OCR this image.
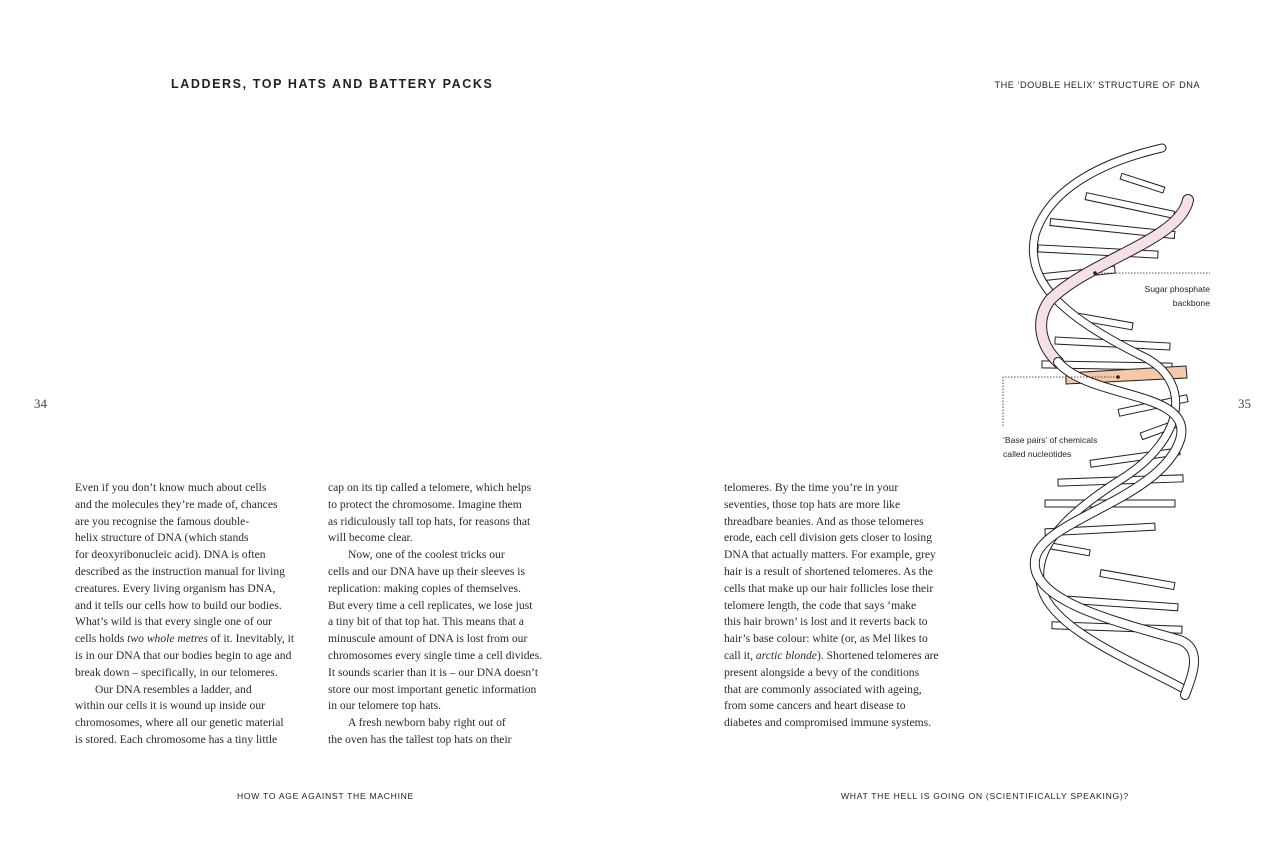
LADDERS, TOP HATS AND BATTERY PACKS	THE ‘DOUBLE HELIX’ STRUCTURE OF DNA
34	35
Even if you don’t know much about cells
and the molecules they’re made of, chances
are you recognise the famous double-
helix structure of DNA (which stands
for deoxyribonucleic acid). DNA is often
described as the instruction manual for living
creatures. Every living organism has DNA,
and it tells our cells how to build our bodies.
What’s wild is that every single one of our
cells holds two whole metres of it. Inevitably, it
is in our DNA that our bodies begin to age and
break down – specifically, in our telomeres.
Our DNA resembles a ladder, and
within our cells it is wound up inside our
chromosomes, where all our genetic material
is stored. Each chromosome has a tiny little
cap on its tip called a telomere, which helps
to protect the chromosome. Imagine them
as ridiculously tall top hats, for reasons that
will become clear.
Now, one of the coolest tricks our
cells and our DNA have up their sleeves is
replication: making copies of themselves.
But every time a cell replicates, we lose just
a tiny bit of that top hat. This means that a
minuscule amount of DNA is lost from our
chromosomes every single time a cell divides.
It sounds scarier than it is – our DNA doesn’t
store our most important genetic information
in our telomere top hats.
A fresh newborn baby right out of
the oven has the tallest top hats on their
telomeres. By the time you’re in your
seventies, those top hats are more like
threadbare beanies. And as those telomeres
erode, each cell division gets closer to losing
DNA that actually matters. For example, grey
hair is a result of shortened telomeres. As the
cells that make up our hair follicles lose their
telomere length, the code that says ‘make
this hair brown’ is lost and it reverts back to
hair’s base colour: white (or, as Mel likes to
call it, arctic blonde). Shortened telomeres are
present alongside a bevy of the conditions
that are commonly associated with ageing,
from some cancers and heart disease to
diabetes and compromised immune systems.
Sugar phosphate
backbone
‘Base pairs’ of chemicals
called nucleotides
HOW TO AGE AGAINST THE MACHINE	WHAT THE HELL IS GOING ON (SCIENTIFICALLY SPEAKING)?
